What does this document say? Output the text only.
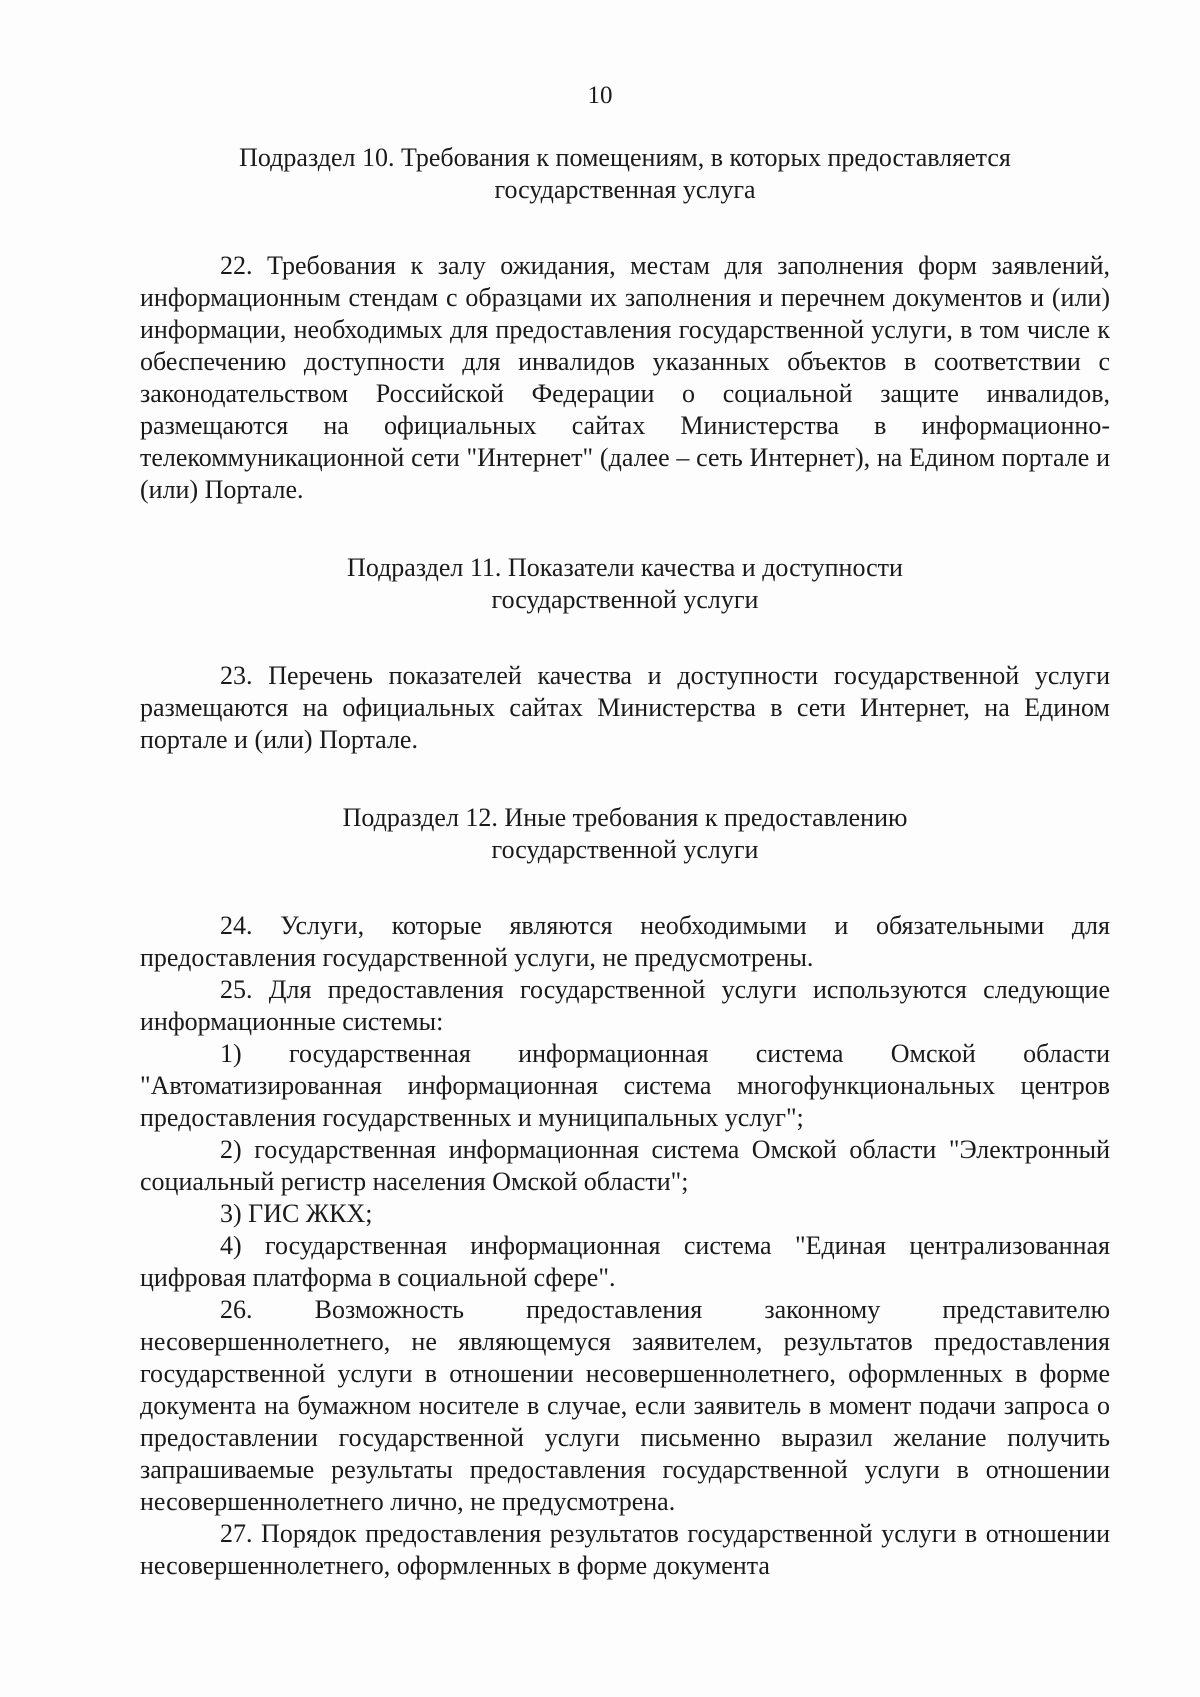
10
Подраздел 10. Требования к помещениям, в которых предоставляется
государственная услуга

22. Требования к залу ожидания, местам для заполнения форм заявлений, информационным стендам с образцами их заполнения и перечнем документов и (или) информации, необходимых для предоставления государственной услуги, в том числе к обеспечению доступности для инвалидов указанных объектов в соответствии с законодательством Российской Федерации о социальной защите инвалидов, размещаются на официальных сайтах Министерства в информационно-телекоммуникационной сети "Интернет" (далее – сеть Интернет), на Едином портале и (или) Портале.

Подраздел 11. Показатели качества и доступности
государственной услуги

23. Перечень показателей качества и доступности государственной услуги размещаются на официальных сайтах Министерства в сети Интернет, на Едином портале и (или) Портале.

Подраздел 12. Иные требования к предоставлению
государственной услуги

24. Услуги, которые являются необходимыми и обязательными для предоставления государственной услуги, не предусмотрены.

25. Для предоставления государственной услуги используются следующие информационные системы:

1) государственная информационная система Омской области "Автоматизированная информационная система многофункциональных центров предоставления государственных и муниципальных услуг";

2) государственная информационная система Омской области "Электронный социальный регистр населения Омской области";

3) ГИС ЖКХ;

4) государственная информационная система "Единая централизованная цифровая платформа в социальной сфере".

26. Возможность предоставления законному представителю несовершеннолетнего, не являющемуся заявителем, результатов предоставления государственной услуги в отношении несовершеннолетнего, оформленных в форме документа на бумажном носителе в случае, если заявитель в момент подачи запроса о предоставлении государственной услуги письменно выразил желание получить запрашиваемые результаты предоставления государственной услуги в отношении несовершеннолетнего лично, не предусмотрена.

27. Порядок предоставления результатов государственной услуги в отношении несовершеннолетнего, оформленных в форме документа
